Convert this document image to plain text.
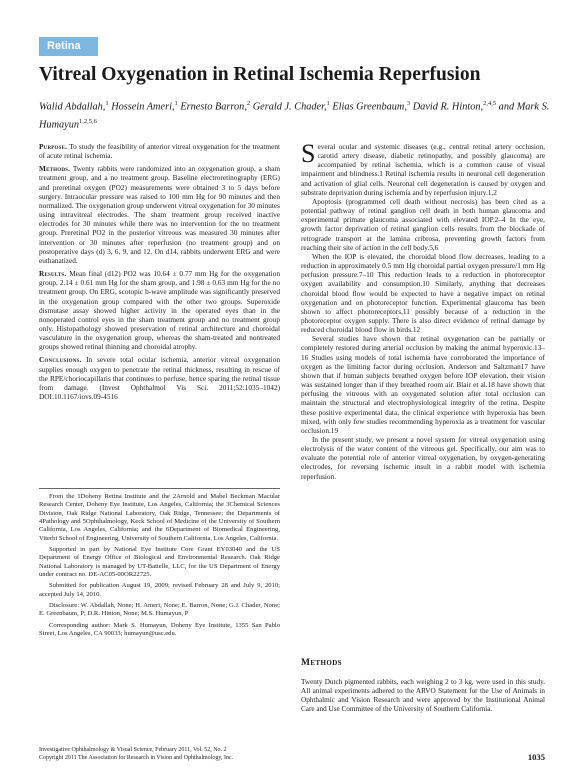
Retina
Vitreal Oxygenation in Retinal Ischemia Reperfusion
Walid Abdallah,$^1$ Hossein Ameri,$^1$ Ernesto Barron,$^2$ Gerald J. Chader,$^1$ Elias Greenbaum,$^3$ David R. Hinton,$^{2,4,5}$ and Mark S. Humayun$^{1,2,5,6}$

Purpose. To study the feasibility of anterior vitreal oxygenation for the treatment of acute retinal ischemia.

Methods. Twenty rabbits were randomized into an oxygenation group, a sham treatment group, and a no treatment group. Baseline electroretinography (ERG) and preretinal oxygen (PO2) measurements were obtained 3 to 5 days before surgery. Intraocular pressure was raised to 100 mm Hg for 90 minutes and then normalized. The oxygenation group underwent vitreal oxygenation for 30 minutes using intravitreal electrodes. The sham treatment group received inactive electrodes for 30 minutes while there was no intervention for the no treatment group. Preretinal PO2 in the posterior vitreous was measured 30 minutes after intervention or 30 minutes after reperfusion (no treatment group) and on postoperative days (d) 3, 6, 9, and 12. On d14, rabbits underwent ERG and were euthanatized.

Results. Mean final (d12) PO2 was 10.64 ± 0.77 mm Hg for the oxygenation group, 2.14 ± 0.61 mm Hg for the sham group, and 1.98 ± 0.63 mm Hg for the no treatment group. On ERG, scotopic b-wave amplitude was significantly preserved in the oxygenation group compared with the other two groups. Superoxide dismutase assay showed higher activity in the operated eyes than in the nonoperated control eyes in the sham treatment group and no treatment group only. Histopathology showed preservation of retinal architecture and choroidal vasculature in the oxygenation group, whereas the sham-treated and nontreated groups showed retinal thinning and choroidal atrophy.

Conclusions. In severe total ocular ischemia, anterior vitreal oxygenation supplies enough oxygen to penetrate the retinal thickness, resulting in rescue of the RPE/choriocapillaris that continues to perfuse, hence sparing the retinal tissue from damage. (Invest Ophthalmol Vis Sci. 2011;52:1035–1042) DOI:10.1167/iovs.09-4516

From the 1Doheny Retina Institute and the 2Arnold and Mabel Beckman Macular Research Center, Doheny Eye Institute, Los Angeles, California; the 3Chemical Sciences Division, Oak Ridge National Laboratory, Oak Ridge, Tennessee; the Departments of 4Pathology and 5Ophthalmology, Keck School of Medicine of the University of Southern California, Los Angeles, California; and the 6Department of Biomedical Engineering, Viterbi School of Engineering, University of Southern California, Los Angeles, California.

Supported in part by National Eye Institute Core Grant EY03040 and the US Department of Energy Office of Biological and Environmental Research. Oak Ridge National Laboratory is managed by UT-Battelle, LLC, for the US Department of Energy under contract no. DE-AC05-00OR22725.

Submitted for publication August 19, 2009; revised February 28 and July 9, 2010; accepted July 14, 2010.

Disclosure: W. Abdallah, None; H. Ameri, None; E. Barron, None; G.J. Chader, None; E. Greenbaum, P; D.R. Hinton, None; M.S. Humayun, P

Corresponding author: Mark S. Humayun, Doheny Eye Institute, 1355 San Pablo Street, Los Angeles, CA 90033; humayun@usc.edu.

Several ocular and systemic diseases (e.g., central retinal artery occlusion, carotid artery disease, diabetic retinopathy, and possibly glaucoma) are accompanied by retinal ischemia, which is a common cause of visual impairment and blindness.1 Retinal ischemia results in neuronal cell degeneration and activation of glial cells. Neuronal cell degeneration is caused by oxygen and substrate deprivation during ischemia and by reperfusion injury.1,2

Apoptosis (programmed cell death without necrosis) has been cited as a potential pathway of retinal ganglion cell death in both human glaucoma and experimental primate glaucoma associated with elevated IOP.2–4 In the eye, growth factor deprivation of retinal ganglion cells results from the blockade of retrograde transport at the lamina cribrosa, preventing growth factors from reaching their site of action in the cell body.5,6

When the IOP is elevated, the choroidal blood flow decreases, leading to a reduction in approximately 0.5 mm Hg choroidal partial oxygen pressure/1 mm Hg perfusion pressure.7–10 This reduction leads to a reduction in photoreceptor oxygen availability and consumption.10 Similarly, anything that decreases choroidal blood flow would be expected to have a negative impact on retinal oxygenation and on photoreceptor function. Experimental glaucoma has been shown to affect photoreceptors,11 possibly because of a reduction in the photoreceptor oxygen supply. There is also direct evidence of retinal damage by reduced choroidal blood flow in birds.12

Several studies have shown that retinal oxygenation can be partially or completely restored during arterial occlusion by making the animal hyperoxic.13–16 Studies using models of total ischemia have corroborated the importance of oxygen as the limiting factor during occlusion. Anderson and Saltzman17 have shown that if human subjects breathed oxygen before IOP elevation, their vision was sustained longer than if they breathed room air. Blair et al.18 have shown that perfusing the vitreous with an oxygenated solution after total occlusion can maintain the structural and electrophysiological integrity of the retina. Despite these positive experimental data, the clinical experience with hyperoxia has been mixed, with only few studies recommending hyperoxia as a treatment for vascular occlusion.19

In the present study, we present a novel system for vitreal oxygenation using electrolysis of the water content of the vitreous gel. Specifically, our aim was to evaluate the potential role of anterior vitreal oxygenation, by oxygen-generating electrodes, for reversing ischemic insult in a rabbit model with ischemia reperfusion.

Methods

Twenty Dutch pigmented rabbits, each weighing 2 to 3 kg, were used in this study. All animal experiments adhered to the ARVO Statement for the Use of Animals in Ophthalmic and Vision Research and were approved by the Institutional Animal Care and Use Committee of the University of Southern California.

Investigative Ophthalmology & Visual Science, February 2011, Vol. 52, No. 2
Copyright 2011 The Association for Research in Vision and Ophthalmology, Inc.	1035
